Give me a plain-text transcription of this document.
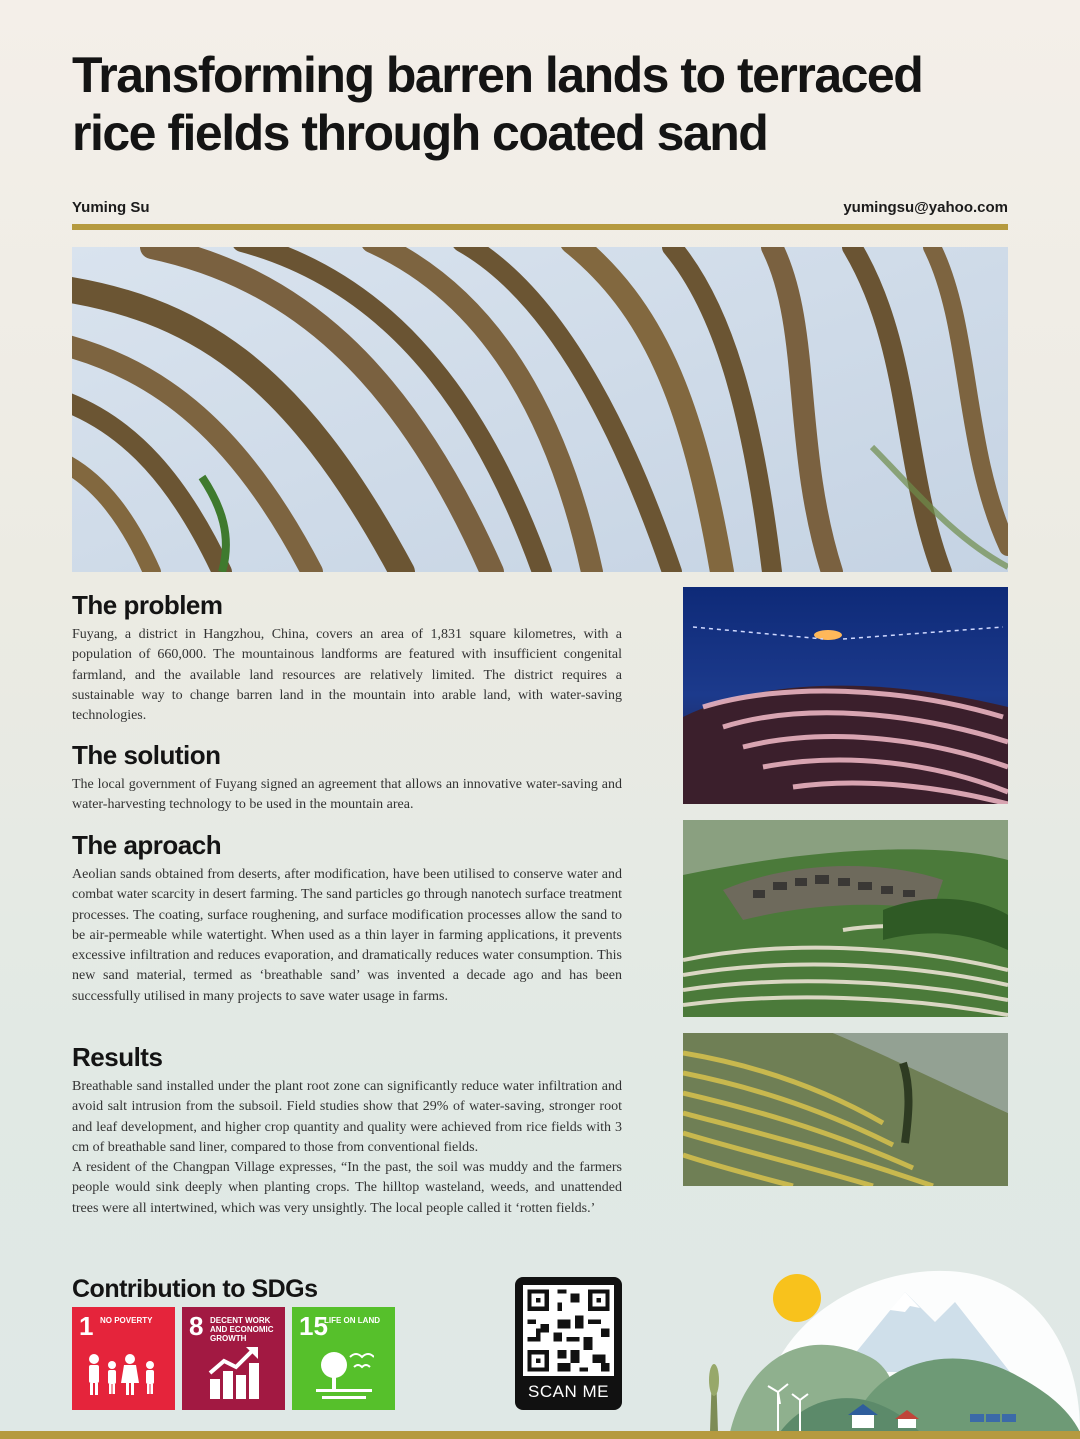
Transforming barren lands to terraced rice fields through coated sand
Yuming Su	yumingsu@yahoo.com
The problem

Fuyang, a district in Hangzhou, China, covers an area of 1,831 square kilometres, with a population of 660,000. The mountainous landforms are featured with insufficient congenital farmland, and the available land resources are relatively limited. The district requires a sustainable way to change barren land in the mountain into arable land, with water-saving technologies.

The solution

The local government of Fuyang signed an agreement that allows an innovative water-saving and water-harvesting technology to be used in the mountain area.

The aproach

Aeolian sands obtained from deserts, after modification, have been utilised to conserve water and combat water scarcity in desert farming. The sand particles go through nanotech surface treatment processes. The coating, surface roughening, and surface modification processes allow the sand to be air-permeable while watertight. When used as a thin layer in farming applications, it prevents excessive infiltration and reduces evaporation, and dramatically reduces water consumption. This new sand material, termed as ‘breathable sand’ was invented a decade ago and has been successfully utilised in many projects to save water usage in farms.

Results

Breathable sand installed under the plant root zone can significantly reduce water infiltration and avoid salt intrusion from the subsoil. Field studies show that 29% of water-saving, stronger root and leaf development, and higher crop quantity and quality were achieved from rice fields with 3 cm of breathable sand liner, compared to those from conventional fields.

A resident of the Changpan Village expresses, “In the past, the soil was muddy and the farmers people would sink deeply when planting crops. The hilltop wasteland, weeds, and unattended trees were all intertwined, which was very unsightly. The local people called it ‘rotten fields.’

Contribution to SDGs
1 NO POVERTY	8 DECENT WORK AND ECONOMIC GROWTH	15
LIFE ON LAND
SCAN ME
